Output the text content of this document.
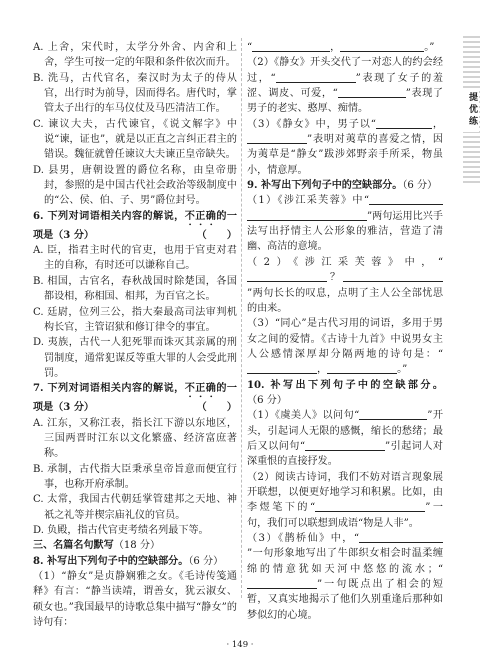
A. 上舍，宋代时，太学分外舍、内舍和上舍，学生可按一定的年限和条件依次而升。

B. 洗马，古代官名，秦汉时为太子的侍从官，出行时为前导，因而得名。唐代时，掌管太子出行的车马仪仗及马匹清洁工作。

C. 谏议大夫，古代谏官，《说文解字》中说“谏，证也”，就是以正直之言纠正君主的错误。魏征就曾任谏议大夫谏正皇帝缺失。

D. 县男，唐朝设置的爵位名称，由皇帝册封，参照的是中国古代社会政治等级制度中的“公、侯、伯、子、男”爵位封号。

6. 下列对词语相关内容的解说，不正确的一项是（3 分）	（　　）

A. 臣，指君主时代的官吏，也用于官吏对君主的自称，有时还可以谦称自己。

B. 相国，古官名，春秋战国时除楚国，各国都设相，称相国、相邦，为百官之长。

C. 廷尉，位列三公，指大秦最高司法审判机构长官，主管诏狱和修订律令的事宜。

D. 夷族，古代一人犯死罪而诛灭其亲属的刑罚制度，通常犯谋反等重大罪的人会受此刑罚。

7. 下列对词语相关内容的解说，不正确的一项是（3 分）	（　　）

A. 江东，又称江表，指长江下游以东地区，三国两晋时江东以文化繁盛、经济富庶著称。

B. 承制，古代指大臣秉承皇帝旨意而便宜行事，也称开府承制。

C. 太常，我国古代朝廷掌管建邦之天地、神祇之礼等并楔宗庙礼仪的官员。

D. 负殿，指古代官吏考绩名列最下等。

三、名篇名句默写（18 分）

8. 补写出下列句子中的空缺部分。（6 分）

（1）“静女”是贞静娴雅之女。《毛诗传笺通释》有言：“静当读靖，谓善女，犹云淑女、硕女也。”我国最早的诗歌总集中描写“静女”的诗句有：

“	，	。”

（2）《静女》开头交代了一对恋人的约会经过，“	”表现了女子的羞涩、调皮、可爱，“	”表现了男子的老实、憨厚、痴情。

（3）《静女》中，男子以“	，”表明对荑草的喜爱之情，因为荑草是“静女”跋涉郊野亲手所采，物虽小，情意厚。

9. 补写出下列句子中的空缺部分。（6 分）

（1）《涉江采芙蓉》中“”两句运用比兴手法写出抒情主人公形象的雅洁，营造了清幽、高洁的意境。

（2）《涉江采芙蓉》中，“？”两句长长的叹息，点明了主人公全部忧思的由来。

（3）“同心”是古代习用的词语，多用于男女之间的爱情。《古诗十九首》中说男女主人公感情深厚却分隔两地的诗句是：“，	。”

10. 补写出下列句子中的空缺部分。（6 分）

（1）《虞美人》以问句“	”开头，引起词人无限的感慨，缩长的愁绪；最后又以问句“	”引起词人对深重恨的直接抒发。

（2）阅读古诗词，我们不妨对语言现象展开联想，以便更好地学习和积累。比如，由李煜笔下的“	”一句，我们可以联想到成语“物是人非”。

（3）《鹊桥仙》中，“”一句形象地写出了牛郎织女相会时温柔缠绵的情意犹如天河中悠悠的流水；“”一句既点出了相会的短暂，又真实地揭示了他们久别重逢后那种如梦似幻的心境。

提优练
· 149 ·
